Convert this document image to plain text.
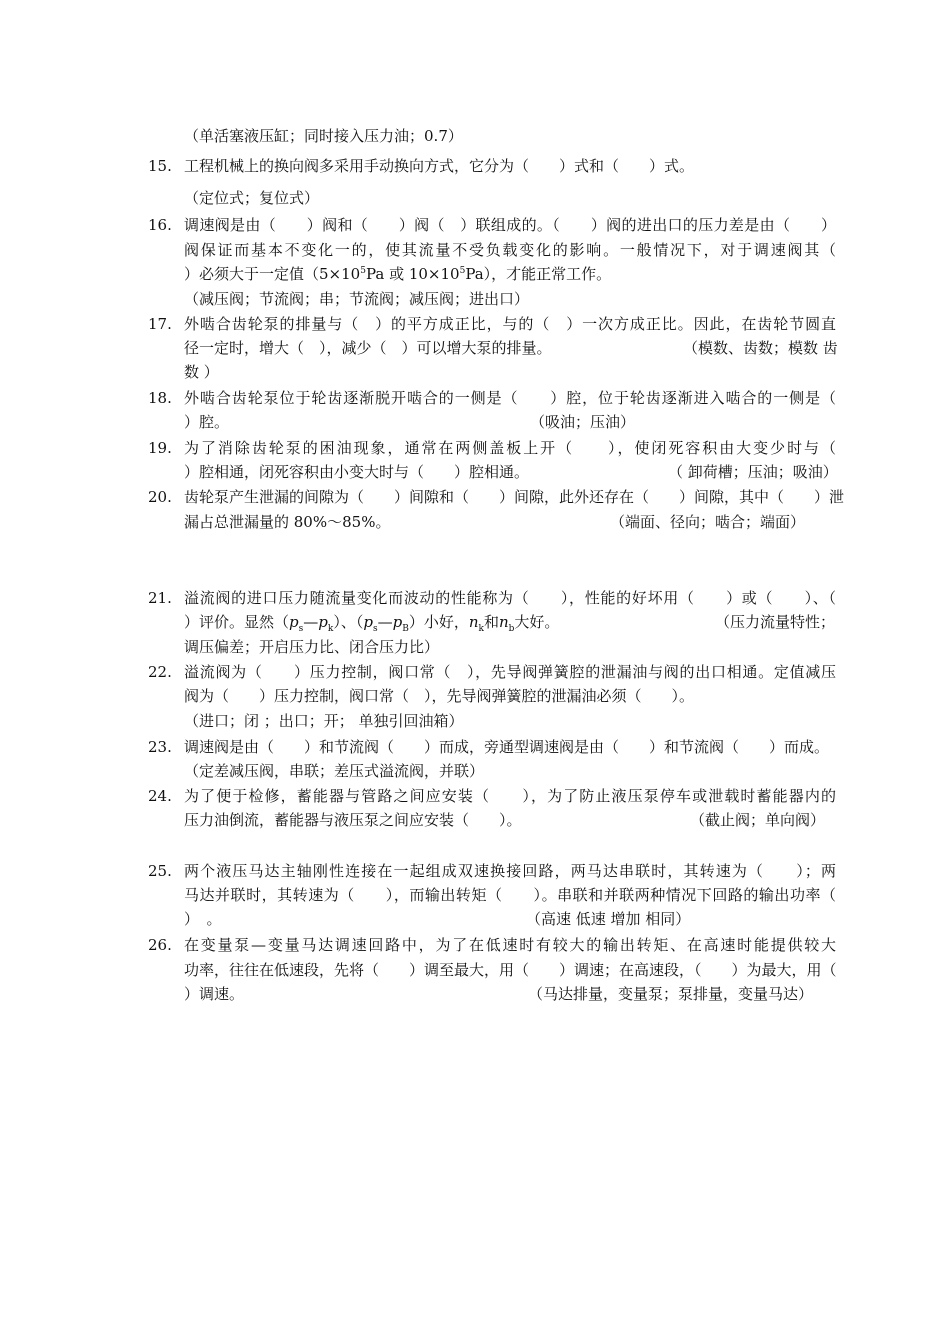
（单活塞液压缸；同时接入压力油；0.7）
15. 工程机械上的换向阀多采用手动换向方式，它分为（　　）式和（　　）式。
（定位式；复位式）
16. 调速阀是由（　　）阀和（　　）阀（　）联组成的。（　　）阀的进出口的压力差是由（　　）
阀保证而基本不变化一的，使其流量不受负载变化的影响。一般情况下，对于调速阀其（
）必须大于一定值（$5\times 10^5Pa$ 或 $10\times 10^5Pa$），才能正常工作。
（减压阀；节流阀；串；节流阀；减压阀；进出口）
17. 外啮合齿轮泵的排量与（　）的平方成正比，与的（　）一次方成正比。因此，在齿轮节圆直
径一定时，增大（　），减少（　）可以增大泵的排量。	（模数、齿数；模数 齿
数 ）
18. 外啮合齿轮泵位于轮齿逐渐脱开啮合的一侧是（　　）腔，位于轮齿逐渐进入啮合的一侧是（
）腔。	（吸油；压油）
19. 为了消除齿轮泵的困油现象，通常在两侧盖板上开（　　），使闭死容积由大变少时与（
）腔相通，闭死容积由小变大时与（　　）腔相通。	（ 卸荷槽；压油；吸油）
20. 齿轮泵产生泄漏的间隙为（　　）间隙和（　　）间隙，此外还存在（　　）间隙，其中（　　）泄
漏占总泄漏量的 80%～85%。	（端面、径向；啮合；端面）
21. 溢流阀的进口压力随流量变化而波动的性能称为（　　），性能的好坏用（　　）或（　　）、（
）评价。显然$(p_s—p_k)$、$(p_s—p_B)$小好，$n_k$和$n_b$大好。	（压力流量特性；
调压偏差；开启压力比、闭合压力比）
22. 溢流阀为（　　）压力控制，阀口常（　），先导阀弹簧腔的泄漏油与阀的出口相通。定值减压
阀为（　　）压力控制，阀口常（　），先导阀弹簧腔的泄漏油必须（　　）。
（进口；闭 ；出口；开； 单独引回油箱）
23. 调速阀是由（　　）和节流阀（　　）而成，旁通型调速阀是由（　　）和节流阀（　　）而成。
（定差减压阀，串联；差压式溢流阀，并联）
24. 为了便于检修，蓄能器与管路之间应安装（　　），为了防止液压泵停车或泄载时蓄能器内的
压力油倒流，蓄能器与液压泵之间应安装（　　）。	（截止阀；单向阀）
25. 两个液压马达主轴刚性连接在一起组成双速换接回路，两马达串联时，其转速为（　　）；两
马达并联时，其转速为（　　），而输出转矩（　　）。串联和并联两种情况下回路的输出功率（
）　。	（高速 低速 增加 相同）
26. 在变量泵—变量马达调速回路中，为了在低速时有较大的输出转矩、在高速时能提供较大
功率，往往在低速段，先将（　　）调至最大，用（　　）调速；在高速段，（　　）为最大，用（
）调速。	（马达排量，变量泵；泵排量，变量马达）
